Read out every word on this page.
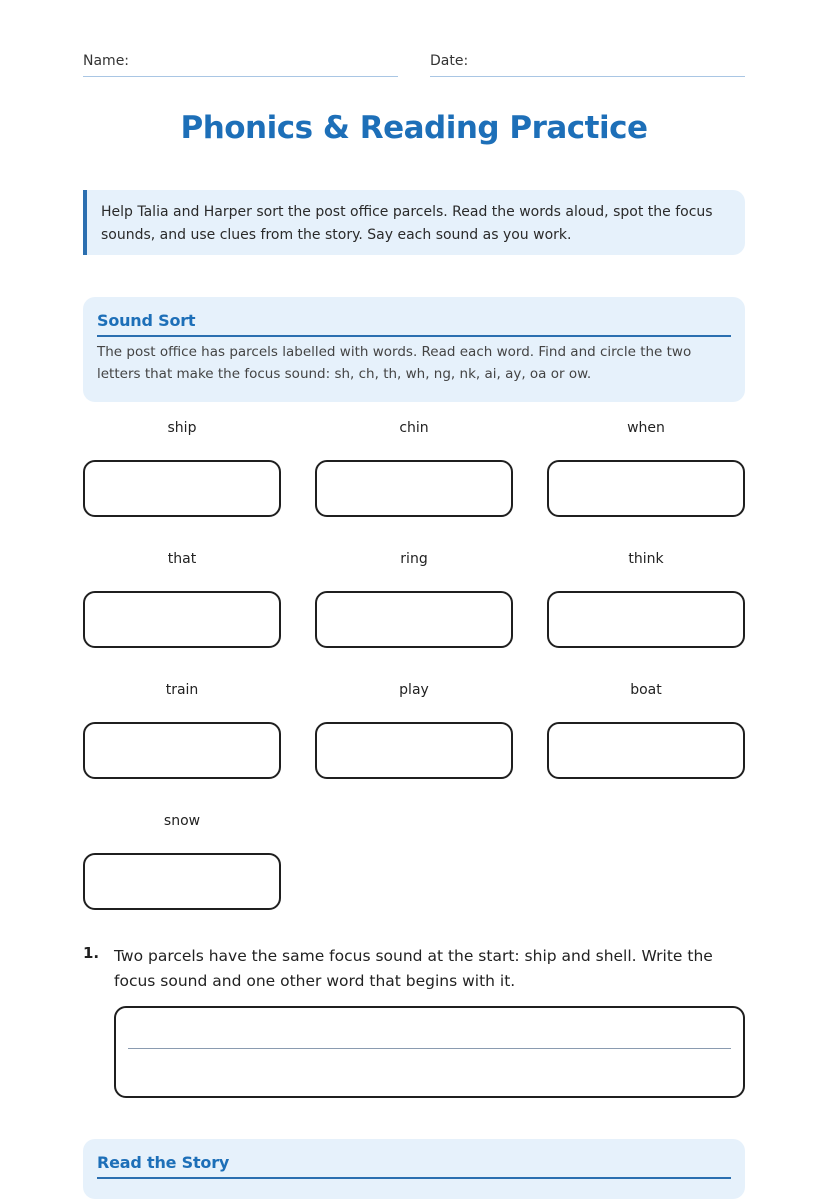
Name:	Date:
Phonics & Reading Practice
Help Talia and Harper sort the post office parcels. Read the words aloud, spot the focus sounds, and use clues from the story. Say each sound as you work.
Sound Sort
The post office has parcels labelled with words. Read each word. Find and circle the two letters that make the focus sound: sh, ch, th, wh, ng, nk, ai, ay, oa or ow.
ship	chin	when
that	ring	think
train	play	boat
snow
1. Two parcels have the same focus sound at the start: ship and shell. Write the focus sound and one other word that begins with it.
Read the Story
